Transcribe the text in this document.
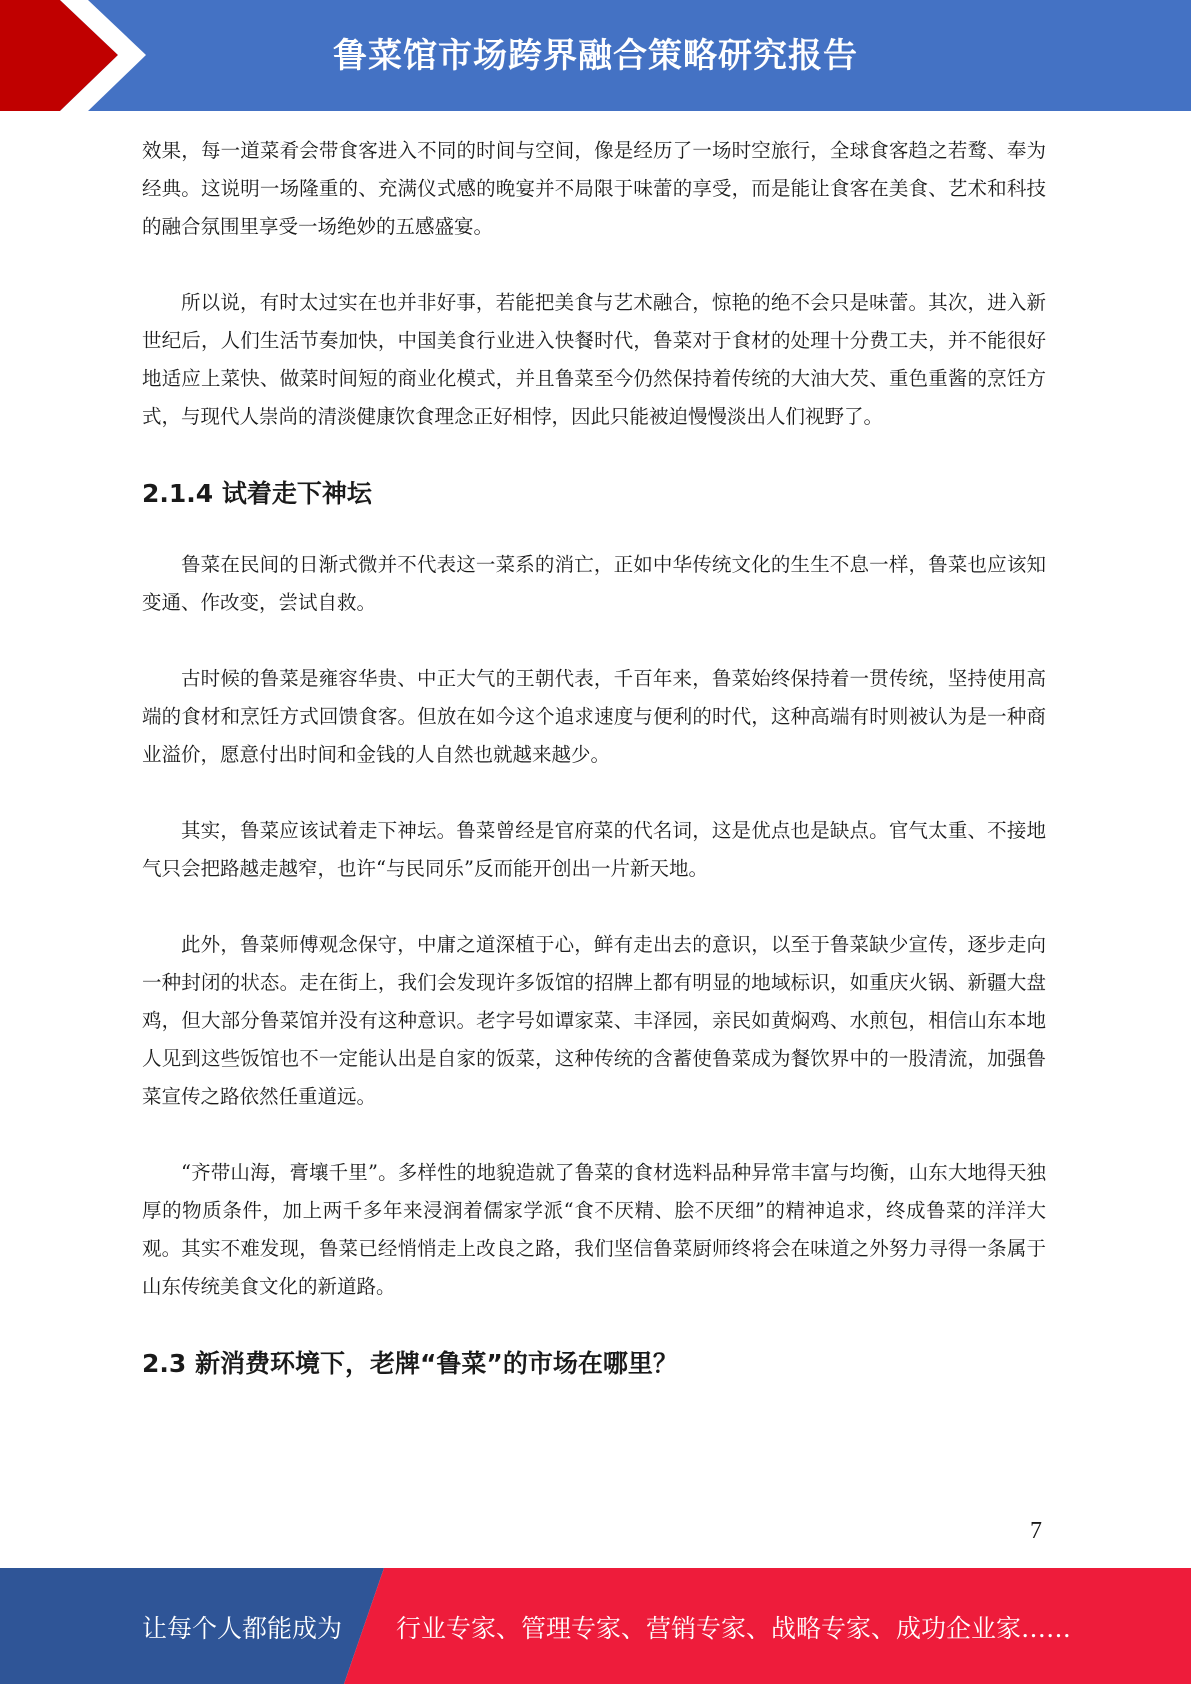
鲁菜馆市场跨界融合策略研究报告

效果，每一道菜肴会带食客进入不同的时间与空间，像是经历了一场时空旅行，全球食客趋之若鹜、奉为经典。这说明一场隆重的、充满仪式感的晚宴并不局限于味蕾的享受，而是能让食客在美食、艺术和科技的融合氛围里享受一场绝妙的五感盛宴。

所以说，有时太过实在也并非好事，若能把美食与艺术融合，惊艳的绝不会只是味蕾。其次，进入新世纪后，人们生活节奏加快，中国美食行业进入快餐时代，鲁菜对于食材的处理十分费工夫，并不能很好地适应上菜快、做菜时间短的商业化模式，并且鲁菜至今仍然保持着传统的大油大芡、重色重酱的烹饪方式，与现代人崇尚的清淡健康饮食理念正好相悖，因此只能被迫慢慢淡出人们视野了。

2.1.4 试着走下神坛

鲁菜在民间的日渐式微并不代表这一菜系的消亡，正如中华传统文化的生生不息一样，鲁菜也应该知变通、作改变，尝试自救。

古时候的鲁菜是雍容华贵、中正大气的王朝代表，千百年来，鲁菜始终保持着一贯传统，坚持使用高端的食材和烹饪方式回馈食客。但放在如今这个追求速度与便利的时代，这种高端有时则被认为是一种商业溢价，愿意付出时间和金钱的人自然也就越来越少。

其实，鲁菜应该试着走下神坛。鲁菜曾经是官府菜的代名词，这是优点也是缺点。官气太重、不接地气只会把路越走越窄，也许“与民同乐”反而能开创出一片新天地。

此外，鲁菜师傅观念保守，中庸之道深植于心，鲜有走出去的意识，以至于鲁菜缺少宣传，逐步走向一种封闭的状态。走在街上，我们会发现许多饭馆的招牌上都有明显的地域标识，如重庆火锅、新疆大盘鸡，但大部分鲁菜馆并没有这种意识。老字号如谭家菜、丰泽园，亲民如黄焖鸡、水煎包，相信山东本地人见到这些饭馆也不一定能认出是自家的饭菜，这种传统的含蓄使鲁菜成为餐饮界中的一股清流，加强鲁菜宣传之路依然任重道远。

“齐带山海，膏壤千里”。多样性的地貌造就了鲁菜的食材选料品种异常丰富与均衡，山东大地得天独厚的物质条件，加上两千多年来浸润着儒家学派“食不厌精、脍不厌细”的精神追求，终成鲁菜的洋洋大观。其实不难发现，鲁菜已经悄悄走上改良之路，我们坚信鲁菜厨师终将会在味道之外努力寻得一条属于山东传统美食文化的新道路。

2.3 新消费环境下，老牌“鲁菜”的市场在哪里？
7
让每个人都能成为 行业专家、管理专家、营销专家、战略专家、成功企业家……
